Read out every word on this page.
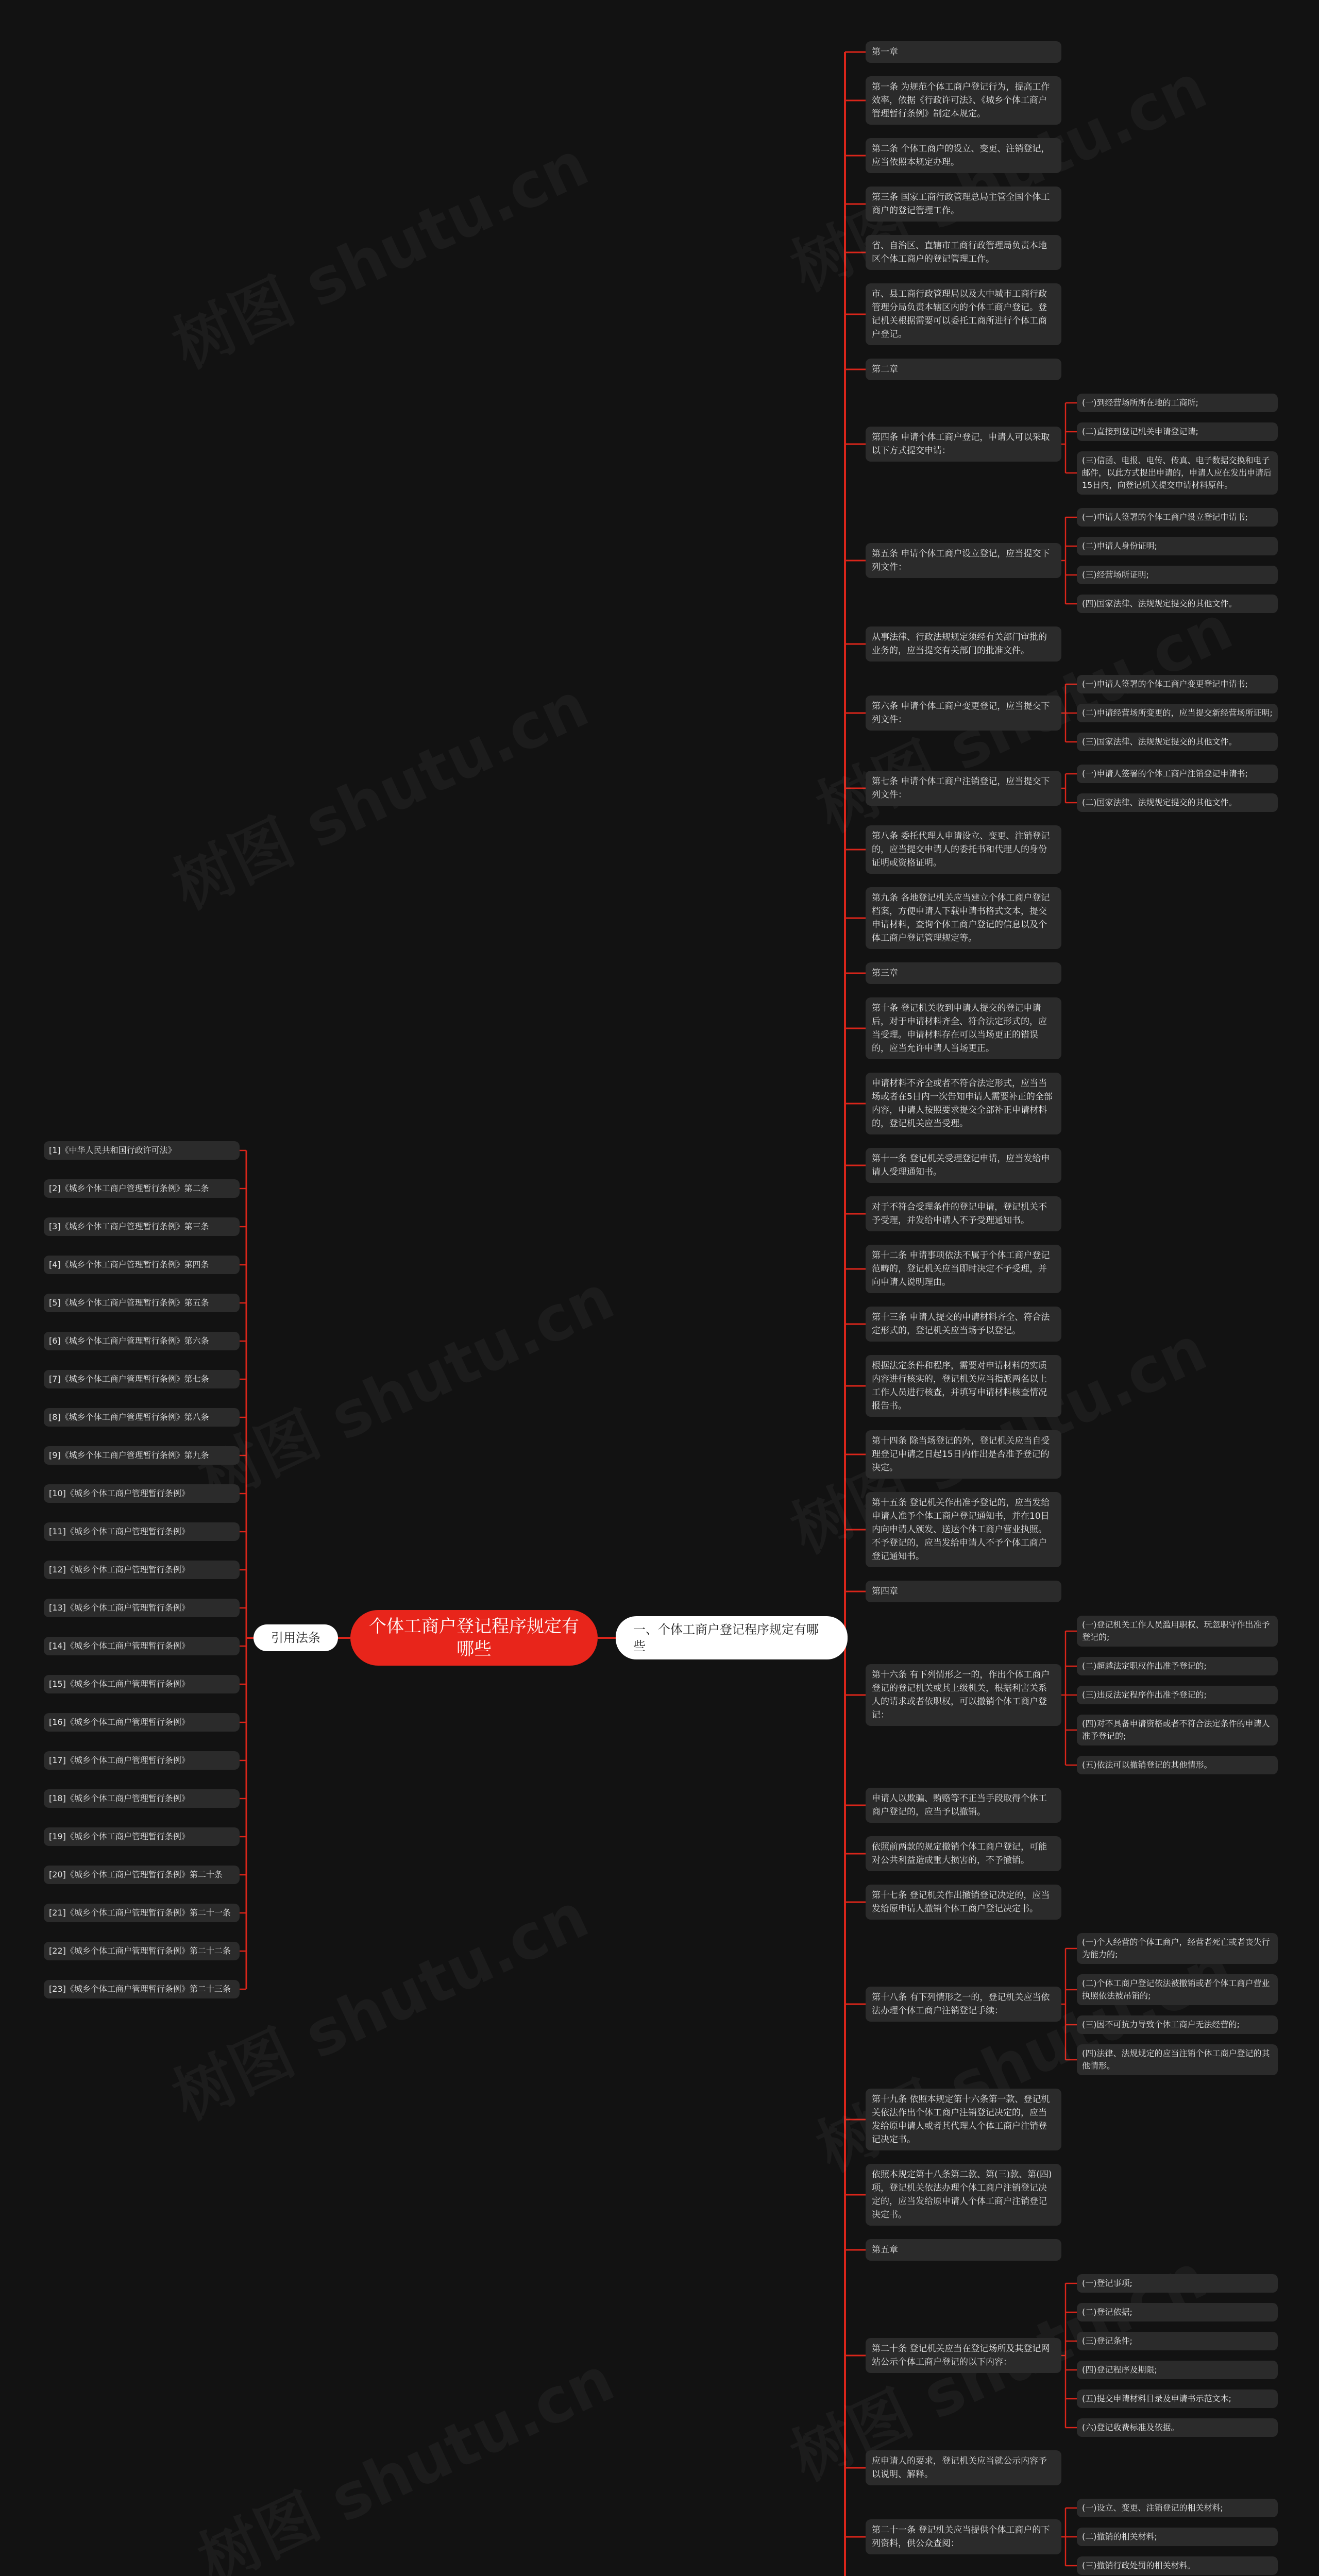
个体工商户登记程序规定有哪些
引用法条
一、个体工商户登记程序规定有哪些
[1]《中华人民共和国行政许可法》
[2]《城乡个体工商户管理暂行条例》第二条
[3]《城乡个体工商户管理暂行条例》第三条
[4]《城乡个体工商户管理暂行条例》第四条
[5]《城乡个体工商户管理暂行条例》第五条
[6]《城乡个体工商户管理暂行条例》第六条
[7]《城乡个体工商户管理暂行条例》第七条
[8]《城乡个体工商户管理暂行条例》第八条
[9]《城乡个体工商户管理暂行条例》第九条
[10]《城乡个体工商户管理暂行条例》
[11]《城乡个体工商户管理暂行条例》
[12]《城乡个体工商户管理暂行条例》
[13]《城乡个体工商户管理暂行条例》
[14]《城乡个体工商户管理暂行条例》
[15]《城乡个体工商户管理暂行条例》
[16]《城乡个体工商户管理暂行条例》
[17]《城乡个体工商户管理暂行条例》
[18]《城乡个体工商户管理暂行条例》
[19]《城乡个体工商户管理暂行条例》
[20]《城乡个体工商户管理暂行条例》第二十条
[21]《城乡个体工商户管理暂行条例》第二十一条
[22]《城乡个体工商户管理暂行条例》第二十二条
[23]《城乡个体工商户管理暂行条例》第二十三条
第一章
第一条 为规范个体工商户登记行为，提高工作效率，依据《行政许可法》、《城乡个体工商户管理暂行条例》制定本规定。
第二条 个体工商户的设立、变更、注销登记，应当依照本规定办理。
第三条 国家工商行政管理总局主管全国个体工商户的登记管理工作。
省、自治区、直辖市工商行政管理局负责本地区个体工商户的登记管理工作。
市、县工商行政管理局以及大中城市工商行政管理分局负责本辖区内的个体工商户登记。登记机关根据需要可以委托工商所进行个体工商户登记。
第二章
第四条 申请个体工商户登记，申请人可以采取以下方式提交申请：
(一)到经营场所所在地的工商所;
(二)直接到登记机关申请登记请;
(三)信函、电报、电传、传真、电子数据交换和电子邮件，以此方式提出申请的，申请人应在发出申请后15日内，向登记机关提交申请材料原件。
第五条 申请个体工商户设立登记，应当提交下列文件：
(一)申请人签署的个体工商户设立登记申请书;
(二)申请人身份证明;
(三)经营场所证明;
(四)国家法律、法规规定提交的其他文件。
从事法律、行政法规规定须经有关部门审批的业务的，应当提交有关部门的批准文件。
第六条 申请个体工商户变更登记，应当提交下列文件：
(一)申请人签署的个体工商户变更登记申请书;
(二)申请经营场所变更的，应当提交新经营场所证明;
(三)国家法律、法规规定提交的其他文件。
第七条 申请个体工商户注销登记，应当提交下列文件：
(一)申请人签署的个体工商户注销登记申请书;
(二)国家法律、法规规定提交的其他文件。
第八条 委托代理人申请设立、变更、注销登记的，应当提交申请人的委托书和代理人的身份证明或资格证明。
第九条 各地登记机关应当建立个体工商户登记档案，方便申请人下载申请书格式文本，提交申请材料，查询个体工商户登记的信息以及个体工商户登记管理规定等。
第三章
第十条 登记机关收到申请人提交的登记申请后，对于申请材料齐全、符合法定形式的，应当受理。申请材料存在可以当场更正的错误的，应当允许申请人当场更正。
申请材料不齐全或者不符合法定形式，应当当场或者在5日内一次告知申请人需要补正的全部内容，申请人按照要求提交全部补正申请材料的，登记机关应当受理。
第十一条 登记机关受理登记申请，应当发给申请人受理通知书。
对于不符合受理条件的登记申请，登记机关不予受理，并发给申请人不予受理通知书。
第十二条 申请事项依法不属于个体工商户登记范畴的，登记机关应当即时决定不予受理，并向申请人说明理由。
第十三条 申请人提交的申请材料齐全、符合法定形式的，登记机关应当场予以登记。
根据法定条件和程序，需要对申请材料的实质内容进行核实的，登记机关应当指派两名以上工作人员进行核查，并填写申请材料核查情况报告书。
第十四条 除当场登记的外，登记机关应当自受理登记申请之日起15日内作出是否准予登记的决定。
第十五条 登记机关作出准予登记的，应当发给申请人准予个体工商户登记通知书，并在10日内向申请人颁发、送达个体工商户营业执照。不予登记的，应当发给申请人不予个体工商户登记通知书。
第四章
第十六条 有下列情形之一的，作出个体工商户登记的登记机关或其上级机关，根据利害关系人的请求或者依职权，可以撤销个体工商户登记：
(一)登记机关工作人员滥用职权、玩忽职守作出准予登记的;
(二)超越法定职权作出准予登记的;
(三)违反法定程序作出准予登记的;
(四)对不具备申请资格或者不符合法定条件的申请人准予登记的;
(五)依法可以撤销登记的其他情形。
申请人以欺骗、贿赂等不正当手段取得个体工商户登记的，应当予以撤销。
依照前两款的规定撤销个体工商户登记，可能对公共利益造成重大损害的，不予撤销。
第十七条 登记机关作出撤销登记决定的，应当发给原申请人撤销个体工商户登记决定书。
第十八条 有下列情形之一的，登记机关应当依法办理个体工商户注销登记手续：
(一)个人经营的个体工商户，经营者死亡或者丧失行为能力的;
(二)个体工商户登记依法被撤销或者个体工商户营业执照依法被吊销的;
(三)因不可抗力导致个体工商户无法经营的;
(四)法律、法规规定的应当注销个体工商户登记的其他情形。
第十九条 依照本规定第十六条第一款、登记机关依法作出个体工商户注销登记决定的，应当发给原申请人或者其代理人个体工商户注销登记决定书。
依照本规定第十八条第二款、第(三)款、第(四)项，登记机关依法办理个体工商户注销登记决定的，应当发给原申请人个体工商户注销登记决定书。
第五章
第二十条 登记机关应当在登记场所及其登记网站公示个体工商户登记的以下内容：
(一)登记事项;
(二)登记依据;
(三)登记条件;
(四)登记程序及期限;
(五)提交申请材料目录及申请书示范文本;
(六)登记收费标准及依据。
应申请人的要求，登记机关应当就公示内容予以说明、解释。
第二十一条 登记机关应当提供个体工商户的下列资料，供公众查阅：
(一)设立、变更、注销登记的相关材料;
(二)撤销的相关材料;
(三)撤销行政处罚的相关材料。
